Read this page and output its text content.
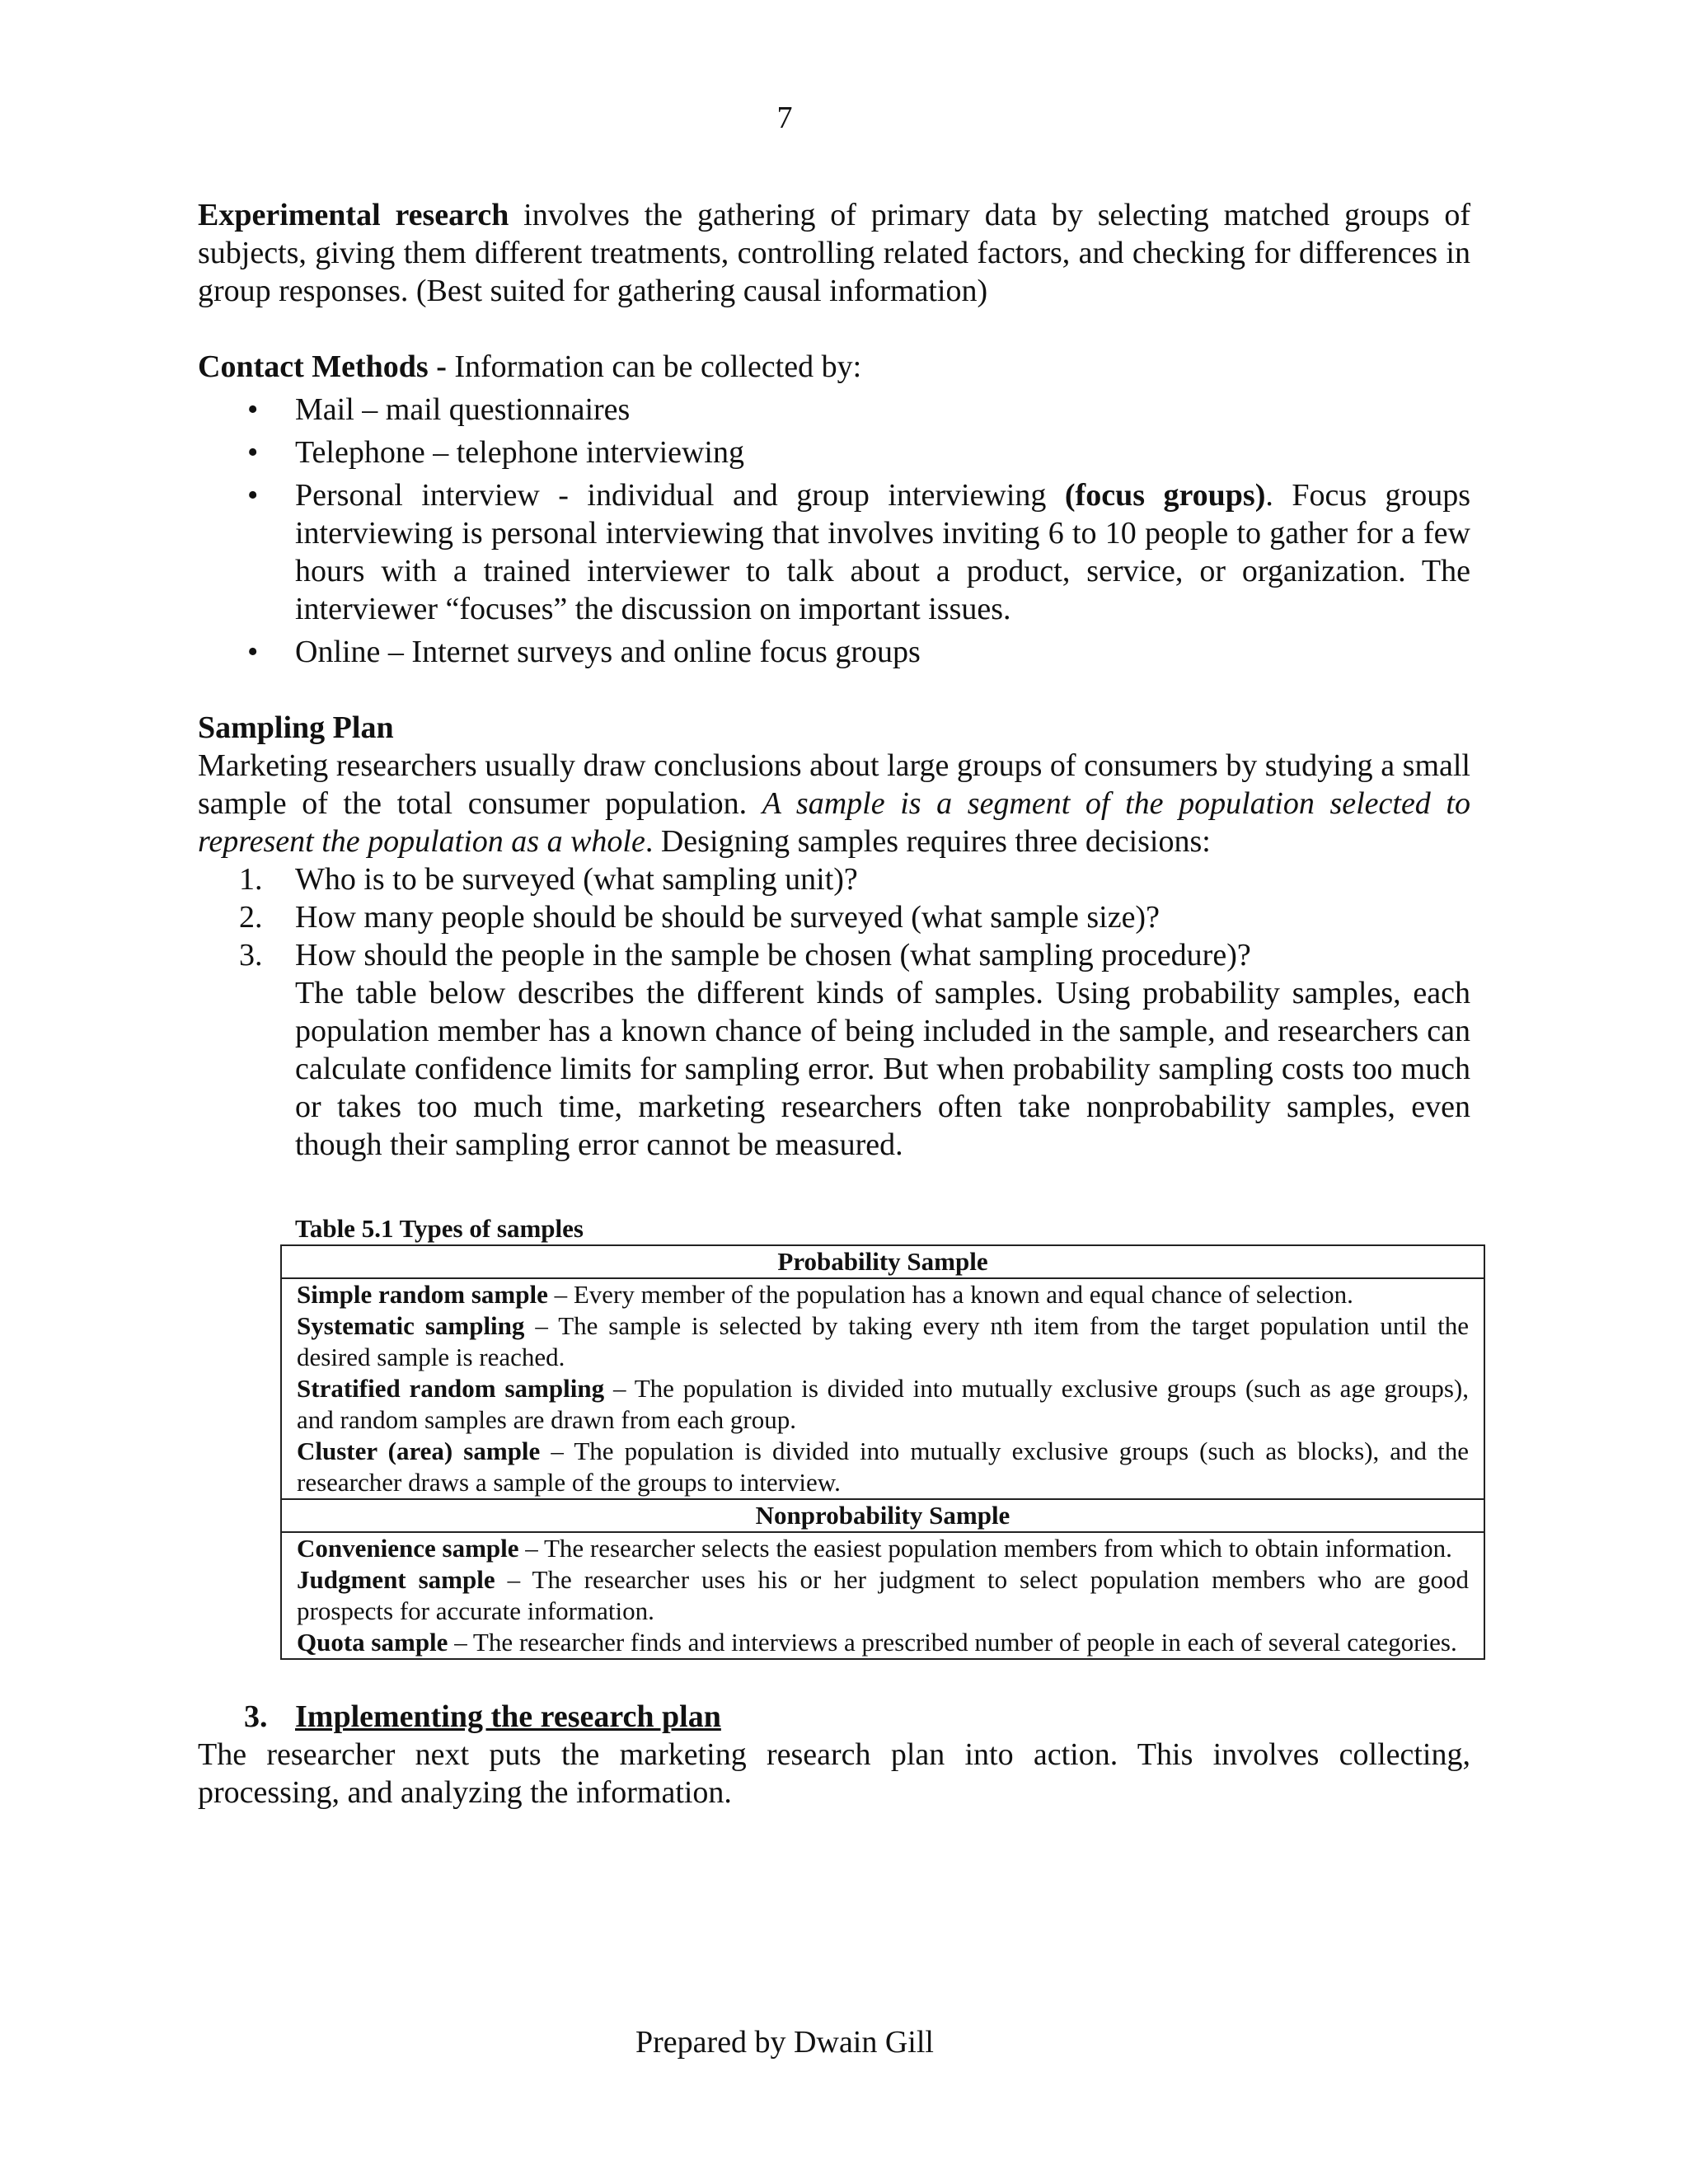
7

Experimental research involves the gathering of primary data by selecting matched groups of subjects, giving them different treatments, controlling related factors, and checking for differences in group responses. (Best suited for gathering causal information)

Contact Methods - Information can be collected by:

• Mail – mail questionnaires
• Telephone – telephone interviewing
• Personal interview - individual and group interviewing (focus groups). Focus groups interviewing is personal interviewing that involves inviting 6 to 10 people to gather for a few hours with a trained interviewer to talk about a product, service, or organization. The interviewer “focuses” the discussion on important issues.
• Online – Internet surveys and online focus groups

Sampling Plan

Marketing researchers usually draw conclusions about large groups of consumers by studying a small sample of the total consumer population. A sample is a segment of the population selected to represent the population as a whole. Designing samples requires three decisions:

1. Who is to be surveyed (what sampling unit)?
2. How many people should be should be surveyed (what sample size)?
3. How should the people in the sample be chosen (what sampling procedure)?

The table below describes the different kinds of samples. Using probability samples, each population member has a known chance of being included in the sample, and researchers can calculate confidence limits for sampling error. But when probability sampling costs too much or takes too much time, marketing researchers often take nonprobability samples, even though their sampling error cannot be measured.

Table 5.1 Types of samples
Probability Sample

Simple random sample – Every member of the population has a known and equal chance of selection.

Systematic sampling – The sample is selected by taking every nth item from the target population until the desired sample is reached.

Stratified random sampling – The population is divided into mutually exclusive groups (such as age groups), and random samples are drawn from each group.

Cluster (area) sample – The population is divided into mutually exclusive groups (such as blocks), and the researcher draws a sample of the groups to interview.

Nonprobability Sample

Convenience sample – The researcher selects the easiest population members from which to obtain information.

Judgment sample – The researcher uses his or her judgment to select population members who are good prospects for accurate information.

Quota sample – The researcher finds and interviews a prescribed number of people in each of several categories.

3. Implementing the research plan

The researcher next puts the marketing research plan into action. This involves collecting, processing, and analyzing the information.

Prepared by Dwain Gill
